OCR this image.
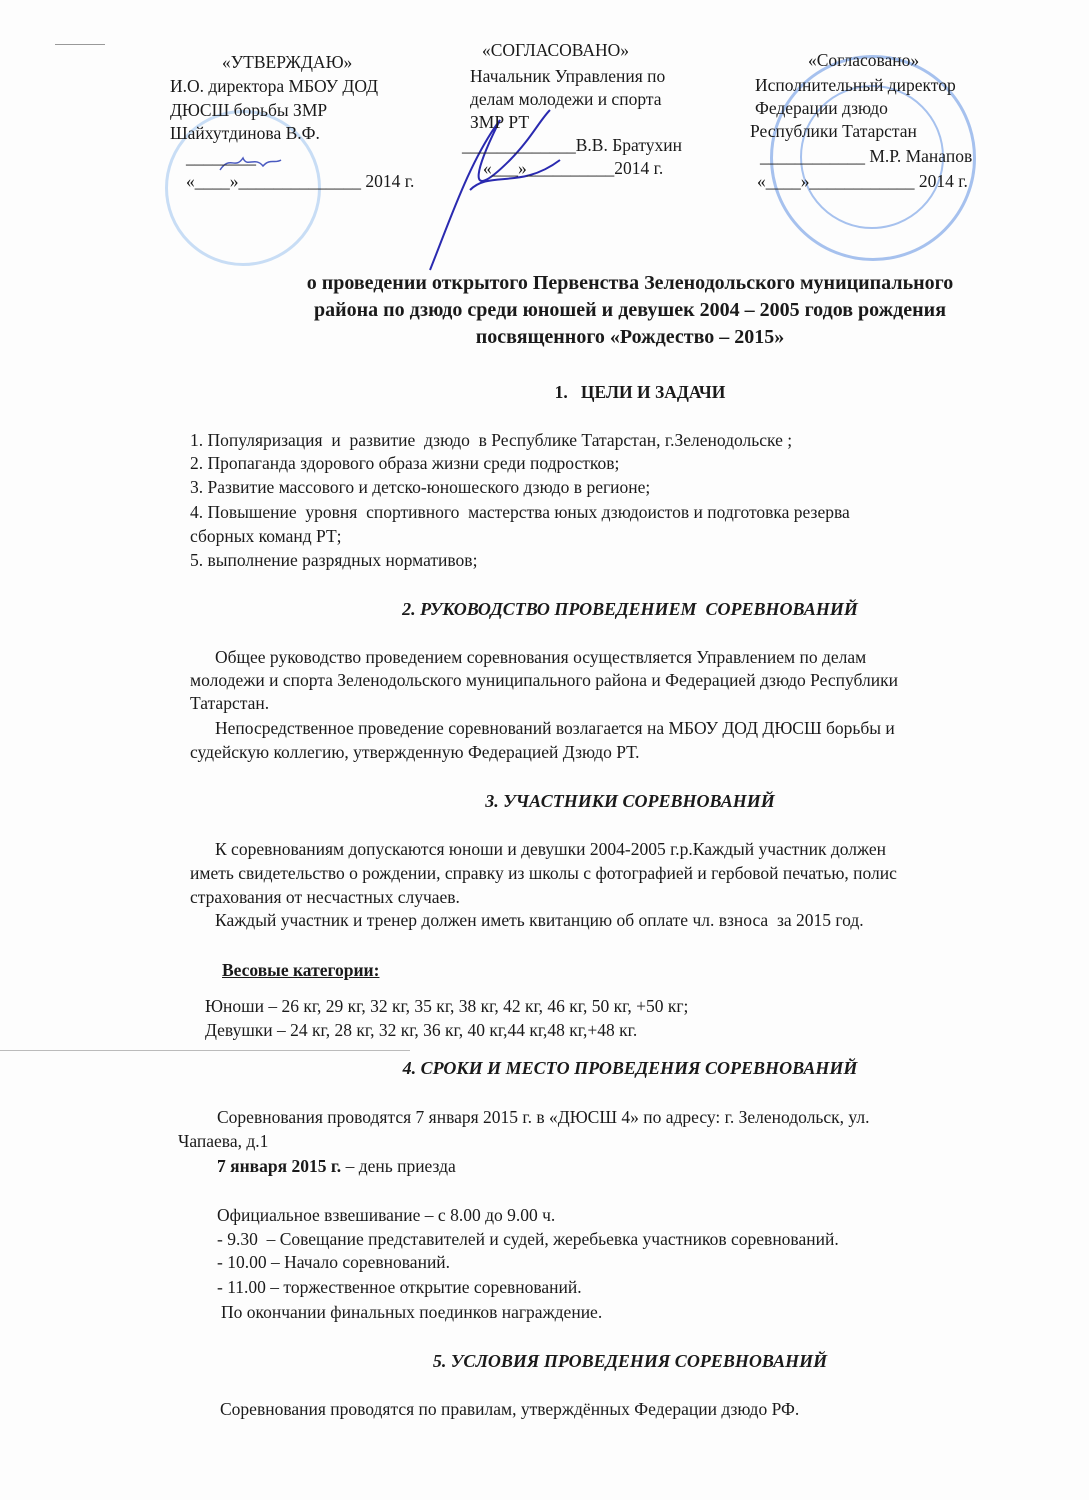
«УТВЕРЖДАЮ»
И.О. директора МБОУ ДОД
ДЮСШ борьбы ЗМР
Шайхутдинова В.Ф.
________
«____»______________ 2014 г.
«СОГЛАСОВАНО»
Начальник Управления по
делам молодежи и спорта
ЗМР РТ
_____________В.В. Братухин
«___»__________2014 г.
«Согласовано»
Исполнительный директор
Федерации дзюдо
Республики Татарстан
____________ М.Р. Манапов
«____»____________ 2014 г.
о проведении открытого Первенства Зеленодольского муниципального
района по дзюдо среди юношей и девушек 2004 – 2005 годов рождения
посвященного «Рождество – 2015»
1.   ЦЕЛИ И ЗАДАЧИ
1. Популяризация  и  развитие  дзюдо  в Республике Татарстан, г.Зеленодольске ;
2. Пропаганда здорового образа жизни среди подростков;
3. Развитие массового и детско-юношеского дзюдо в регионе;
4. Повышение  уровня  спортивного  мастерства юных дзюдоистов и подготовка резерва
сборных команд РТ;
5. выполнение разрядных нормативов;
2. РУКОВОДСТВО ПРОВЕДЕНИЕМ  СОРЕВНОВАНИЙ
Общее руководство проведением соревнования осуществляется Управлением по делам
молодежи и спорта Зеленодольского муниципального района и Федерацией дзюдо Республики
Татарстан.
Непосредственное проведение соревнований возлагается на МБОУ ДОД ДЮСШ борьбы и
судейскую коллегию, утвержденную Федерацией Дзюдо РТ.
3. УЧАСТНИКИ СОРЕВНОВАНИЙ
К соревнованиям допускаются юноши и девушки 2004-2005 г.р.Каждый участник должен
иметь свидетельство о рождении, справку из школы с фотографией и гербовой печатью, полис
страхования от несчастных случаев.
Каждый участник и тренер должен иметь квитанцию об оплате чл. взноса  за 2015 год.
Весовые категории:
Юноши – 26 кг, 29 кг, 32 кг, 35 кг, 38 кг, 42 кг, 46 кг, 50 кг, +50 кг;
Девушки – 24 кг, 28 кг, 32 кг, 36 кг, 40 кг,44 кг,48 кг,+48 кг.
4. СРОКИ И МЕСТО ПРОВЕДЕНИЯ СОРЕВНОВАНИЙ
Соревнования проводятся 7 января 2015 г. в «ДЮСШ 4» по адресу: г. Зеленодольск, ул.
Чапаева, д.1
7 января 2015 г. – день приезда
Официальное взвешивание – с 8.00 до 9.00 ч.
- 9.30  – Совещание представителей и судей, жеребьевка участников соревнований.
- 10.00 – Начало соревнований.
- 11.00 – торжественное открытие соревнований.
По окончании финальных поединков награждение.
5. УСЛОВИЯ ПРОВЕДЕНИЯ СОРЕВНОВАНИЙ
Соревнования проводятся по правилам, утверждённых Федерации дзюдо РФ.
